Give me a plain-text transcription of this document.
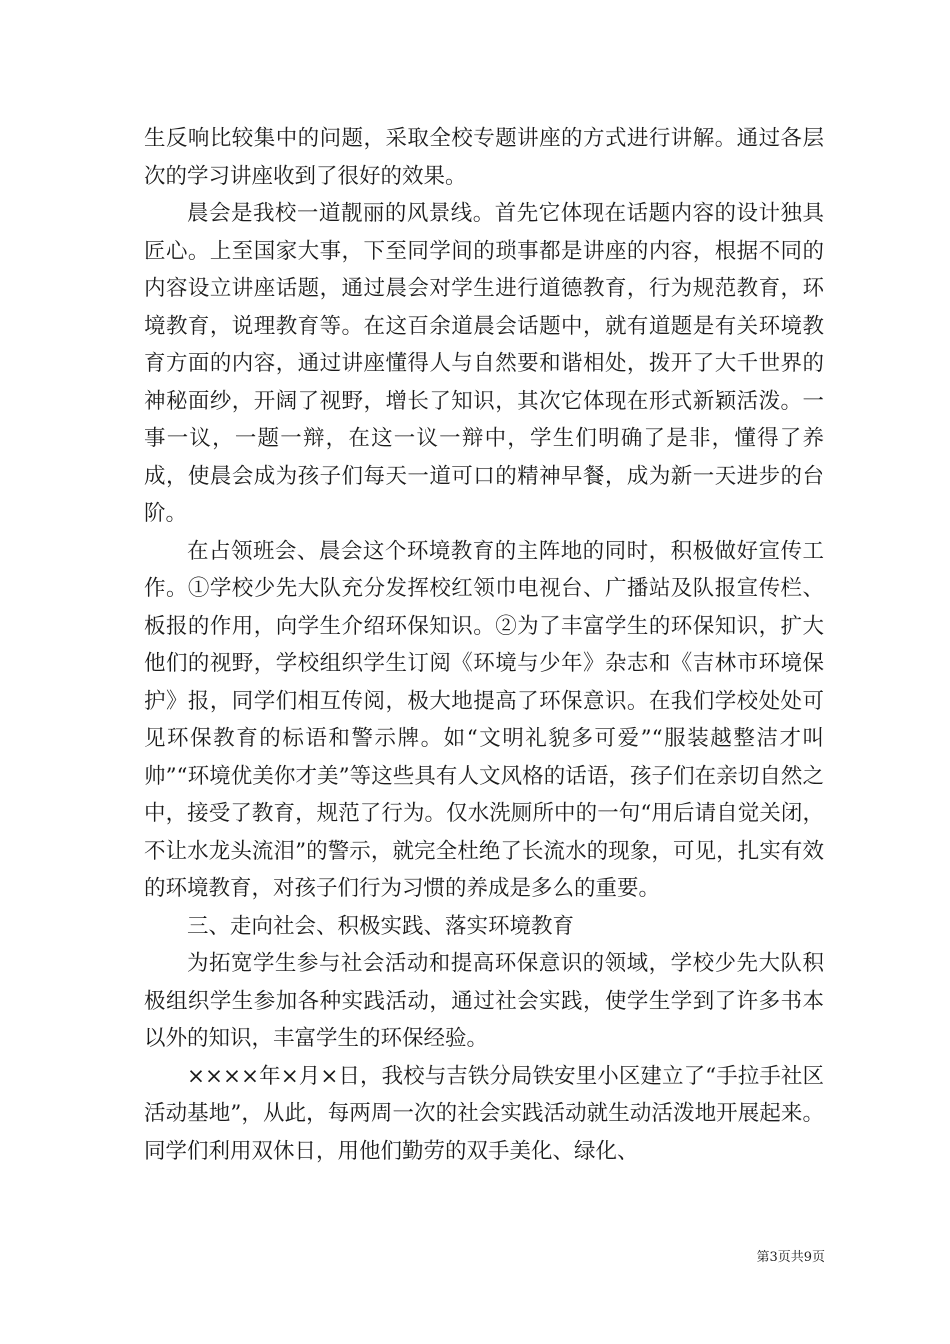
生反响比较集中的问题，采取全校专题讲座的方式进行讲解。通过各层次的学习讲座收到了很好的效果。

晨会是我校一道靓丽的风景线。首先它体现在话题内容的设计独具匠心。上至国家大事，下至同学间的琐事都是讲座的内容，根据不同的内容设立讲座话题，通过晨会对学生进行道德教育，行为规范教育，环境教育，说理教育等。在这百余道晨会话题中，就有道题是有关环境教育方面的内容，通过讲座懂得人与自然要和谐相处，拨开了大千世界的神秘面纱，开阔了视野，增长了知识，其次它体现在形式新颖活泼。一事一议，一题一辩，在这一议一辩中，学生们明确了是非，懂得了养成，使晨会成为孩子们每天一道可口的精神早餐，成为新一天进步的台阶。

在占领班会、晨会这个环境教育的主阵地的同时，积极做好宣传工作。①学校少先大队充分发挥校红领巾电视台、广播站及队报宣传栏、板报的作用，向学生介绍环保知识。②为了丰富学生的环保知识，扩大他们的视野，学校组织学生订阅《环境与少年》杂志和《吉林市环境保护》报，同学们相互传阅，极大地提高了环保意识。在我们学校处处可见环保教育的标语和警示牌。如“文明礼貌多可爱”“服装越整洁才叫帅”“环境优美你才美”等这些具有人文风格的话语，孩子们在亲切自然之中，接受了教育，规范了行为。仅水洗厕所中的一句“用后请自觉关闭，不让水龙头流泪”的警示，就完全杜绝了长流水的现象，可见，扎实有效的环境教育，对孩子们行为习惯的养成是多么的重要。

三、走向社会、积极实践、落实环境教育

为拓宽学生参与社会活动和提高环保意识的领域，学校少先大队积极组织学生参加各种实践活动，通过社会实践，使学生学到了许多书本以外的知识，丰富学生的环保经验。

××××年×月×日，我校与吉铁分局铁安里小区建立了“手拉手社区活动基地”，从此，每两周一次的社会实践活动就生动活泼地开展起来。同学们利用双休日，用他们勤劳的双手美化、绿化、

第3页共9页
